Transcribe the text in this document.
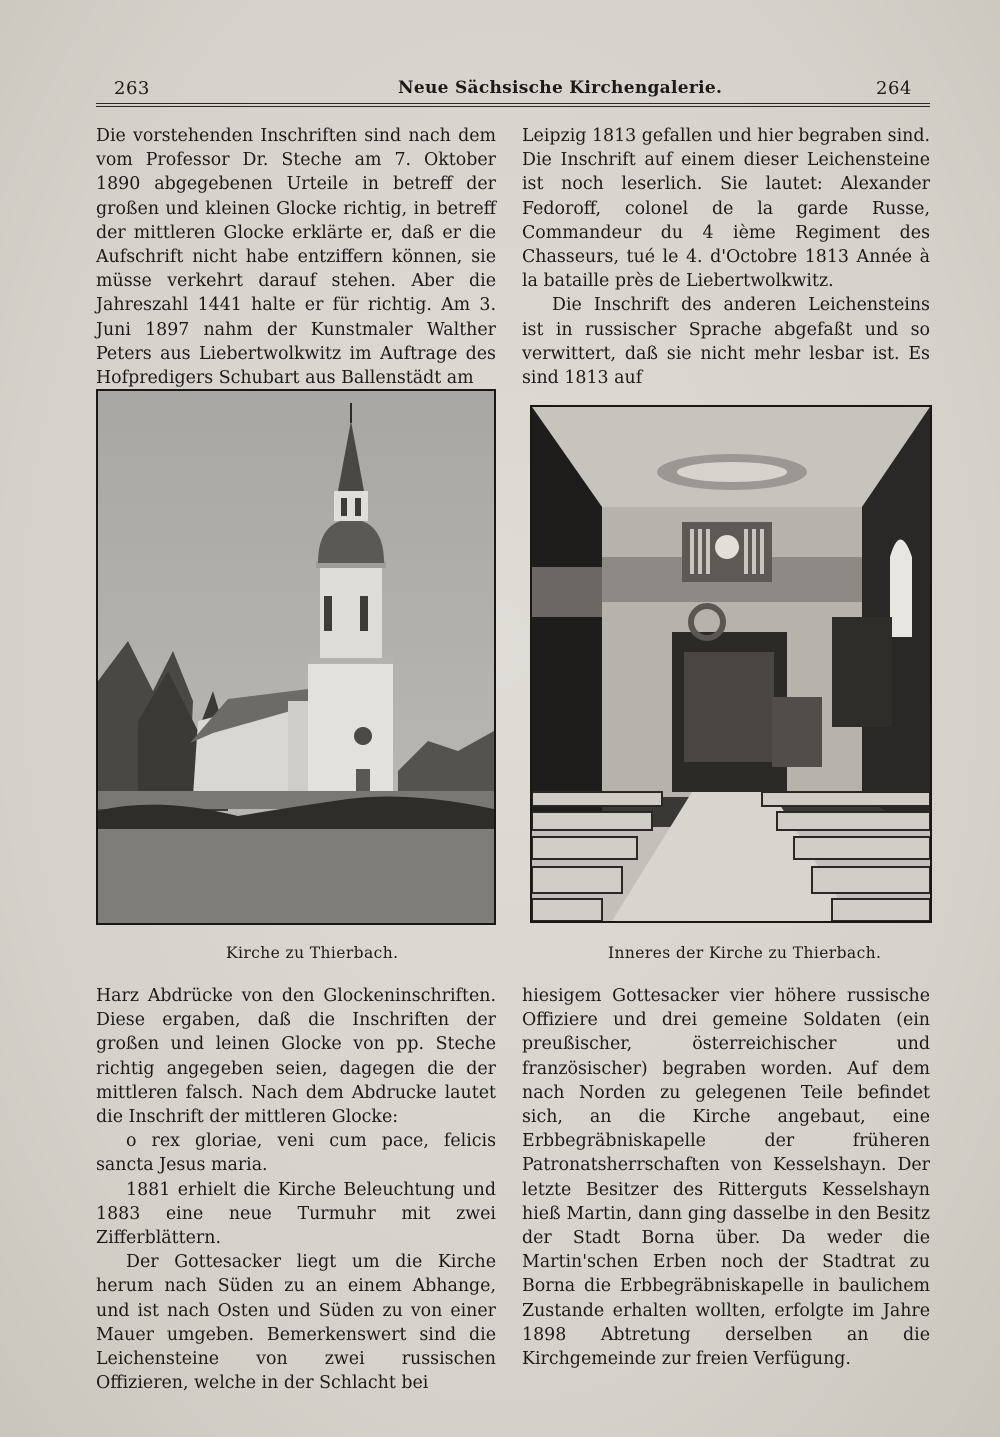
263	Neue Sächsische Kirchengalerie.	264

Die vorstehenden Inschriften sind nach dem vom Professor Dr. Steche am 7. Oktober 1890 abgegebenen Urteile in betreff der großen und kleinen Glocke richtig, in betreff der mittleren Glocke erklärte er, daß er die Aufschrift nicht habe entziffern können, sie müsse verkehrt darauf stehen. Aber die Jahreszahl 1441 halte er für richtig. Am 3. Juni 1897 nahm der Kunstmaler Walther Peters aus Liebertwolkwitz im Auftrage des Hofpredigers Schubart aus Ballenstädt am

Leipzig 1813 gefallen und hier begraben sind. Die Inschrift auf einem dieser Leichensteine ist noch leserlich. Sie lautet: Alexander Fedoroff, colonel de la garde Russe, Commandeur du 4 ième Regiment des Chasseurs, tué le 4. d'Octobre 1813 Année à la bataille près de Liebertwolkwitz.

Die Inschrift des anderen Leichensteins ist in russischer Sprache abgefaßt und so verwittert, daß sie nicht mehr lesbar ist. Es sind 1813 auf

Kirche zu Thierbach.	Inneres der Kirche zu Thierbach.

Harz Abdrücke von den Glockeninschriften. Diese ergaben, daß die Inschriften der großen und leinen Glocke von pp. Steche richtig angegeben seien, dagegen die der mittleren falsch. Nach dem Abdrucke lautet die Inschrift der mittleren Glocke:

o rex gloriae, veni cum pace, felicis sancta Jesus maria.

1881 erhielt die Kirche Beleuchtung und 1883 eine neue Turmuhr mit zwei Zifferblättern.

Der Gottesacker liegt um die Kirche herum nach Süden zu an einem Abhange, und ist nach Osten und Süden zu von einer Mauer umgeben. Bemerkenswert sind die Leichensteine von zwei russischen Offizieren, welche in der Schlacht bei

hiesigem Gottesacker vier höhere russische Offiziere und drei gemeine Soldaten (ein preußischer, österreichischer und französischer) begraben worden. Auf dem nach Norden zu gelegenen Teile befindet sich, an die Kirche angebaut, eine Erbbegräbniskapelle der früheren Patronatsherrschaften von Kesselshayn. Der letzte Besitzer des Ritterguts Kesselshayn hieß Martin, dann ging dasselbe in den Besitz der Stadt Borna über. Da weder die Martin'schen Erben noch der Stadtrat zu Borna die Erbbegräbniskapelle in baulichem Zustande erhalten wollten, erfolgte im Jahre 1898 Abtretung derselben an die Kirchgemeinde zur freien Verfügung.
